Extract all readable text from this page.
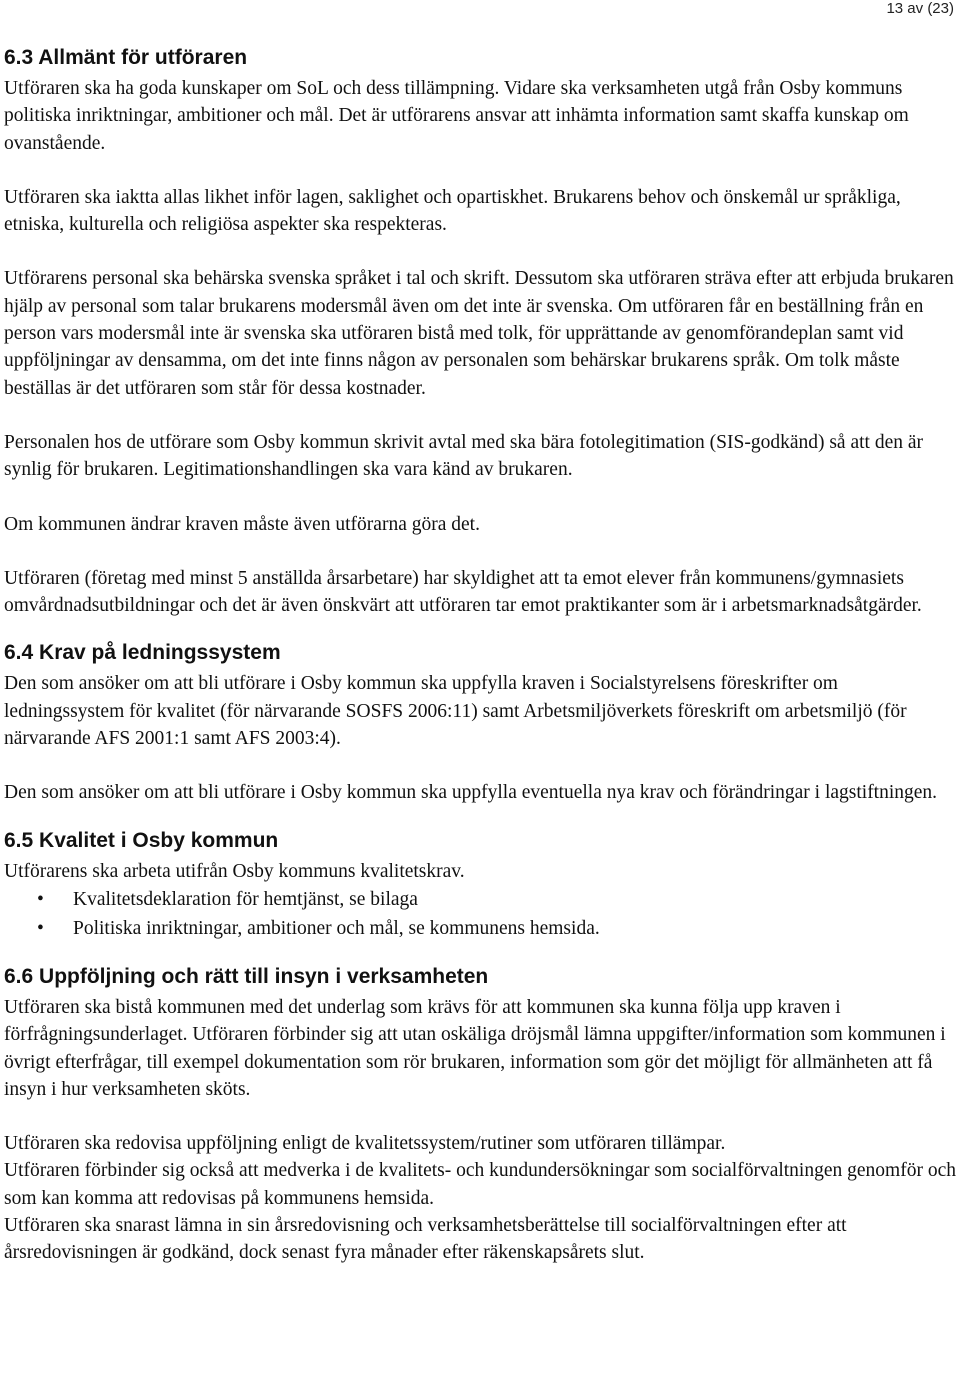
13 av (23)
6.3 Allmänt för utföraren

Utföraren ska ha goda kunskaper om SoL och dess tillämpning. Vidare ska verksamheten utgå från Osby kommuns politiska inriktningar, ambitioner och mål. Det är utförarens ansvar att inhämta information samt skaffa kunskap om ovanstående.

Utföraren ska iaktta allas likhet inför lagen, saklighet och opartiskhet. Brukarens behov och önskemål ur språkliga, etniska, kulturella och religiösa aspekter ska respekteras.

Utförarens personal ska behärska svenska språket i tal och skrift. Dessutom ska utföraren sträva efter att erbjuda brukaren hjälp av personal som talar brukarens modersmål även om det inte är svenska. Om utföraren får en beställning från en person vars modersmål inte är svenska ska utföraren bistå med tolk, för upprättande av genomförandeplan samt vid uppföljningar av densamma, om det inte finns någon av personalen som behärskar brukarens språk. Om tolk måste beställas är det utföraren som står för dessa kostnader.

Personalen hos de utförare som Osby kommun skrivit avtal med ska bära fotolegitimation (SIS-godkänd) så att den är synlig för brukaren. Legitimationshandlingen ska vara känd av brukaren.

Om kommunen ändrar kraven måste även utförarna göra det.

Utföraren (företag med minst 5 anställda årsarbetare) har skyldighet att ta emot elever från kommunens/gymnasiets omvårdnadsutbildningar och det är även önskvärt att utföraren tar emot praktikanter som är i arbetsmarknadsåtgärder.

6.4 Krav på ledningssystem

Den som ansöker om att bli utförare i Osby kommun ska uppfylla kraven i Socialstyrelsens föreskrifter om ledningssystem för kvalitet (för närvarande SOSFS 2006:11) samt Arbetsmiljöverkets föreskrift om arbetsmiljö (för närvarande AFS 2001:1 samt AFS 2003:4).

Den som ansöker om att bli utförare i Osby kommun ska uppfylla eventuella nya krav och förändringar i lagstiftningen.

6.5 Kvalitet i Osby kommun

Utförarens ska arbeta utifrån Osby kommuns kvalitetskrav.

• Kvalitetsdeklaration för hemtjänst, se bilaga
• Politiska inriktningar, ambitioner och mål, se kommunens hemsida.
6.6 Uppföljning och rätt till insyn i verksamheten

Utföraren ska bistå kommunen med det underlag som krävs för att kommunen ska kunna följa upp kraven i förfrågningsunderlaget. Utföraren förbinder sig att utan oskäliga dröjsmål lämna uppgifter/information som kommunen i övrigt efterfrågar, till exempel dokumentation som rör brukaren, information som gör det möjligt för allmänheten att få insyn i hur verksamheten sköts.

Utföraren ska redovisa uppföljning enligt de kvalitetssystem/rutiner som utföraren tillämpar.

Utföraren förbinder sig också att medverka i de kvalitets- och kundundersökningar som socialförvaltningen genomför och som kan komma att redovisas på kommunens hemsida.

Utföraren ska snarast lämna in sin årsredovisning och verksamhetsberättelse till socialförvaltningen efter att årsredovisningen är godkänd, dock senast fyra månader efter räkenskapsårets slut.
